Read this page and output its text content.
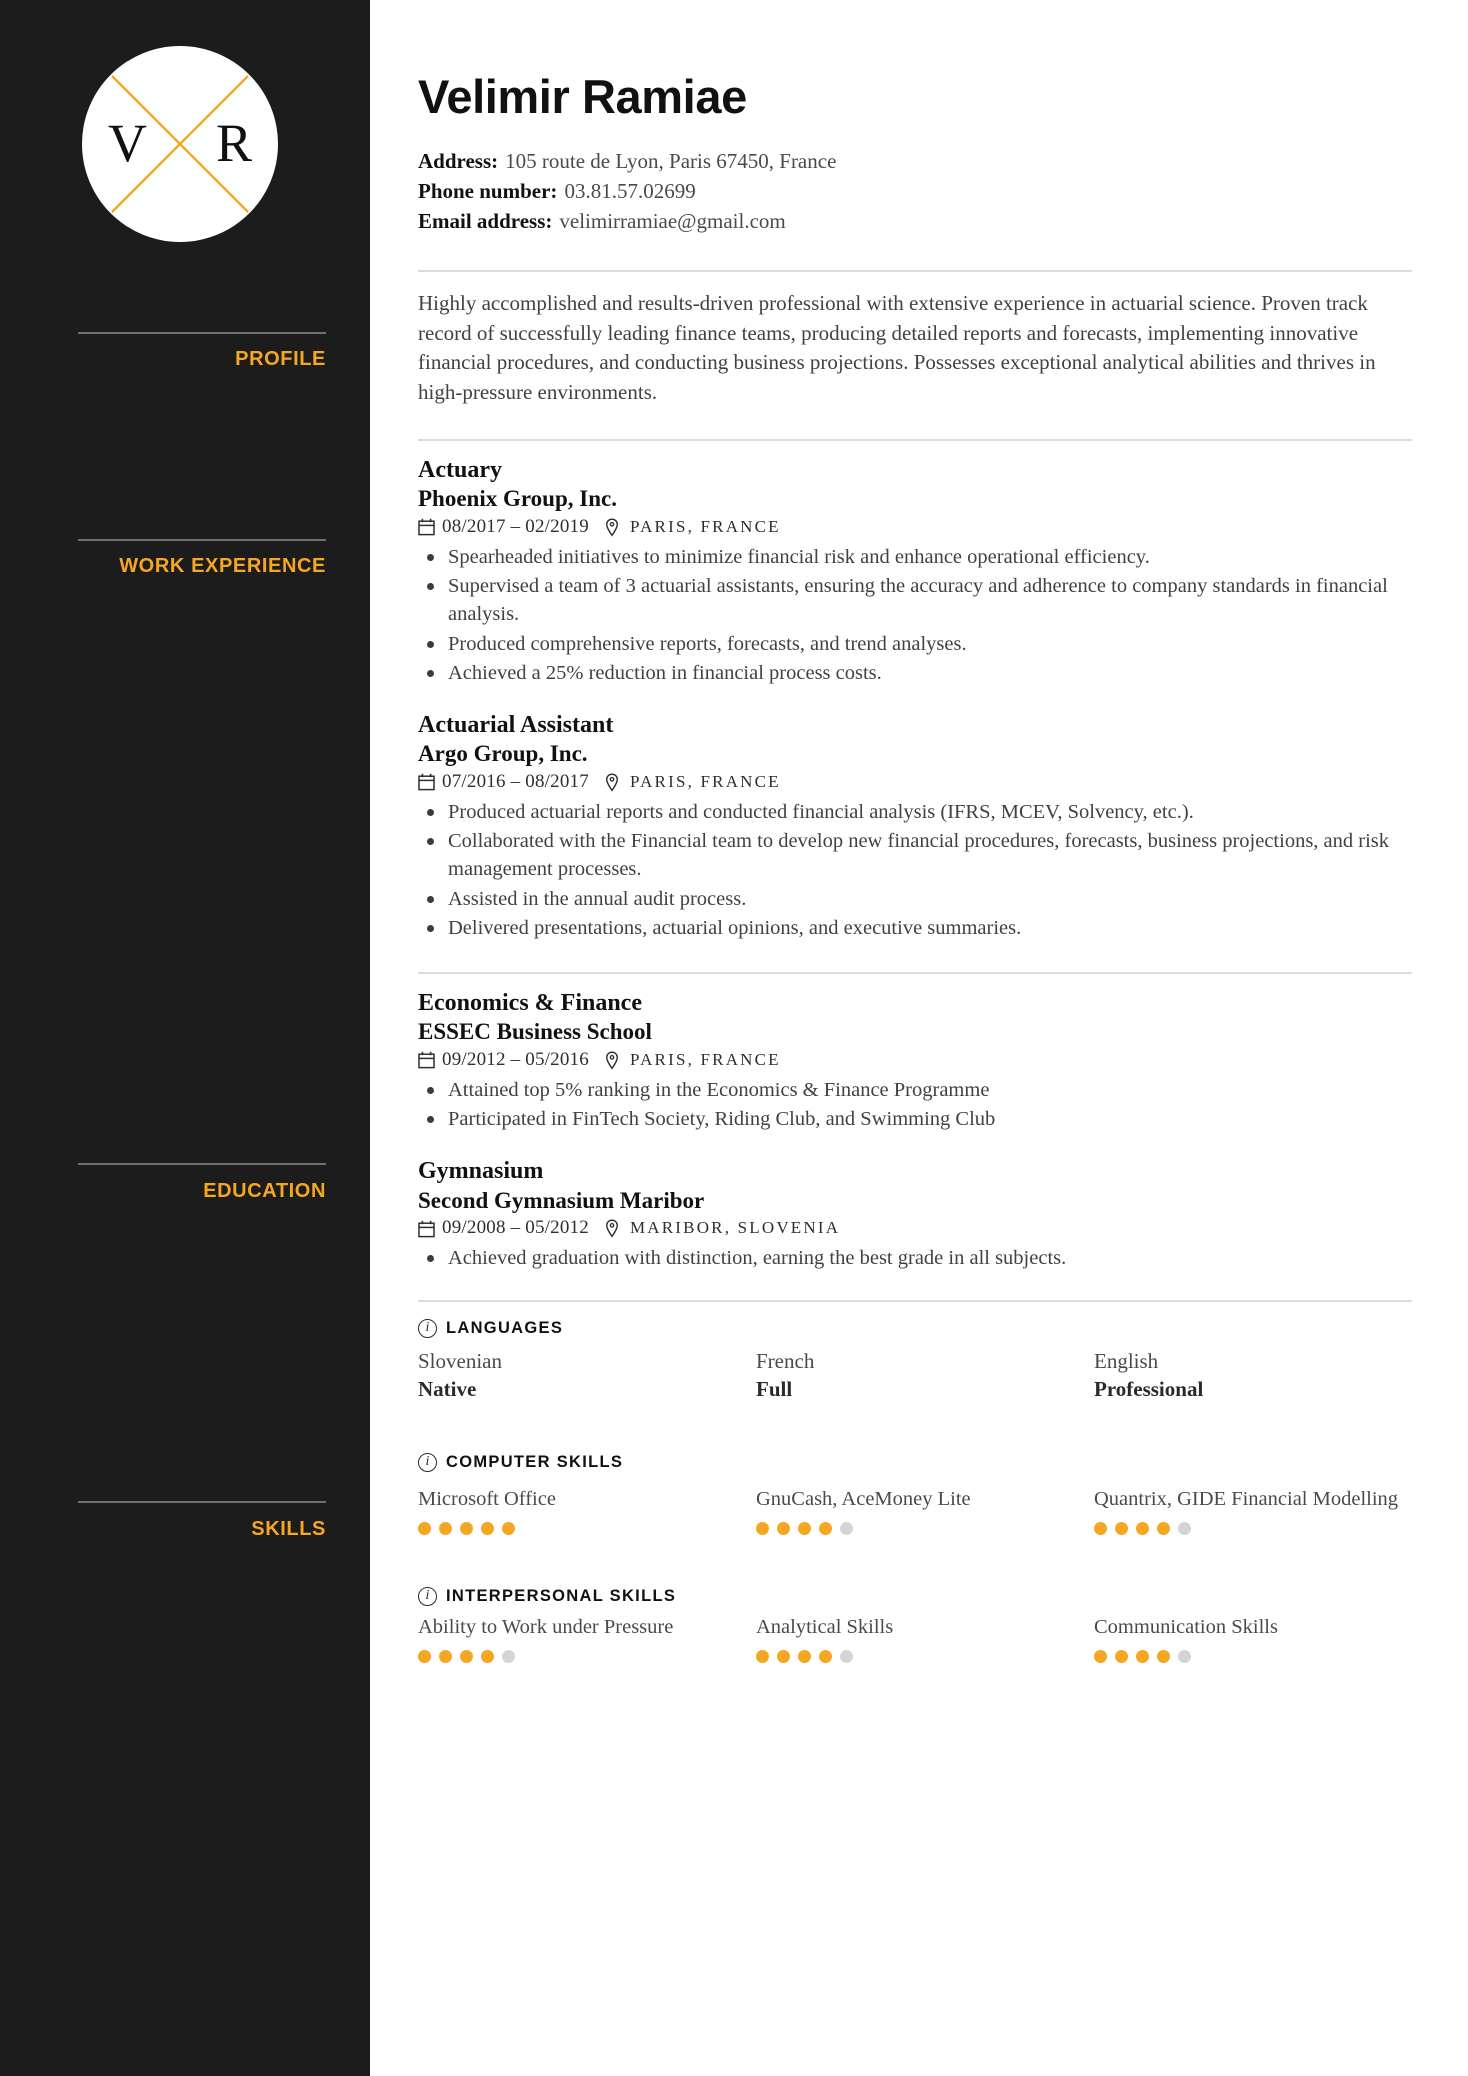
V R
PROFILE
WORK EXPERIENCE
EDUCATION
SKILLS
Velimir Ramiae
Address: 105 route de Lyon, Paris 67450, France
Phone number: 03.81.57.02699
Email address: velimirramiae@gmail.com

Highly accomplished and results-driven professional with extensive experience in actuarial science. Proven track record of successfully leading finance teams, producing detailed reports and forecasts, implementing innovative financial procedures, and conducting business projections. Possesses exceptional analytical abilities and thrives in high-pressure environments.

Actuary
Phoenix Group, Inc.
08/2017 – 02/2019 PARIS, FRANCE
Spearheaded initiatives to minimize financial risk and enhance operational efficiency.
Supervised a team of 3 actuarial assistants, ensuring the accuracy and adherence to company standards in financial analysis.
Produced comprehensive reports, forecasts, and trend analyses.
Achieved a 25% reduction in financial process costs.
Actuarial Assistant
Argo Group, Inc.
07/2016 – 08/2017 PARIS, FRANCE
Produced actuarial reports and conducted financial analysis (IFRS, MCEV, Solvency, etc.).
Collaborated with the Financial team to develop new financial procedures, forecasts, business projections, and risk management processes.
Assisted in the annual audit process.
Delivered presentations, actuarial opinions, and executive summaries.
Economics & Finance
ESSEC Business School
09/2012 – 05/2016 PARIS, FRANCE
Attained top 5% ranking in the Economics & Finance Programme
Participated in FinTech Society, Riding Club, and Swimming Club
Gymnasium
Second Gymnasium Maribor
09/2008 – 05/2012 MARIBOR, SLOVENIA
Achieved graduation with distinction, earning the best grade in all subjects.
i	LANGUAGES
Slovenian
Native
French
Full
English
Professional
i	COMPUTER SKILLS
Microsoft Office	GnuCash, AceMoney Lite	Quantrix, GIDE Financial Modelling
i	INTERPERSONAL SKILLS
Ability to Work under Pressure	Analytical Skills	Communication Skills
